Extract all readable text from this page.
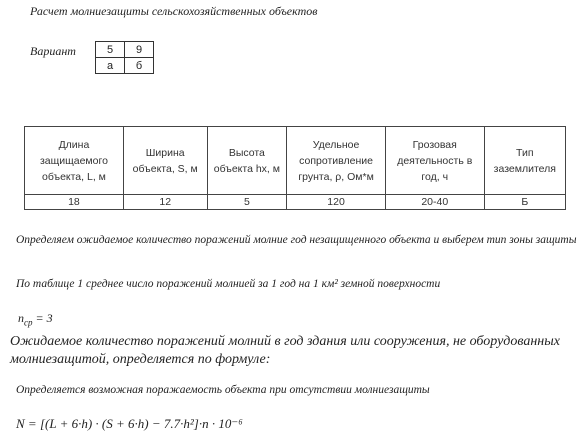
Расчет молниезащиты сельскохозяйственных объектов
Вариант	5	9
а	б
Длина защищаемого объекта, L, м	Ширина объекта, S, м	Высота объекта hx, м	Удельное сопротивление грунта, ρ, Ом*м	Грозовая деятельность в год, ч	Тип заземлителя
18	12	5	120	20-40	Б
Определяем ожидаемое количество поражений молние год незащищенного объекта и выберем тип зоны защиты
По таблице 1 среднее число поражений молнией за 1 год на 1 км² земной поверхности
$n_{ср} = 3$
Ожидаемое количество поражений молний в год здания или сооружения, не оборудованных молниезащитой, определяется по формуле:
Определяется возможная поражаемость объекта при отсутствии молниезащиты
N = [(L + 6·h) · (S + 6·h) − 7.7·h²]·n · 10⁻⁶
